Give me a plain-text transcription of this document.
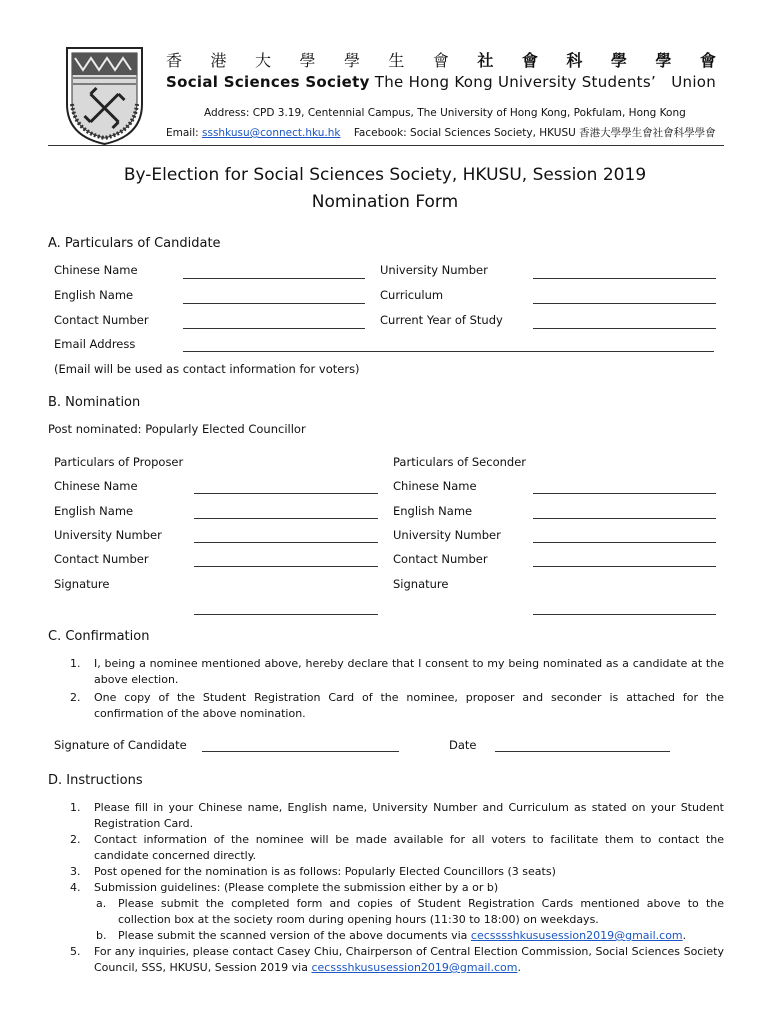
香 港 大 學 學 生 會 社 會 科 學 學 會
Social Sciences Society The Hong Kong University Students’ Union
Address: CPD 3.19, Centennial Campus, The University of Hong Kong, Pokfulam, Hong Kong
Email: ssshkusu@connect.hku.hk Facebook: Social Sciences Society, HKUSU 香港大學學生會社會科學學會
By-Election for Social Sciences Society, HKUSU, Session 2019
Nomination Form
A. Particulars of Candidate
Chinese Name	University Number
English Name	Curriculum
Contact Number	Current Year of Study
Email Address
(Email will be used as contact information for voters)
B. Nomination
Post nominated: Popularly Elected Councillor
Particulars of Proposer	Particulars of Seconder
Chinese Name	Chinese Name
English Name	English Name
University Number	University Number
Contact Number	Contact Number
Signature	Signature
C. Confirmation
1. I, being a nominee mentioned above, hereby declare that I consent to my being nominated as a candidate at the above election.
2. One copy of the Student Registration Card of the nominee, proposer and seconder is attached for the confirmation of the above nomination.
Signature of Candidate	Date
D. Instructions
1. Please fill in your Chinese name, English name, University Number and Curriculum as stated on your Student Registration Card.
2. Contact information of the nominee will be made available for all voters to facilitate them to contact the candidate concerned directly.
3. Post opened for the nomination is as follows: Popularly Elected Councillors (3 seats)
4. Submission guidelines: (Please complete the submission either by a or b)
a. Please submit the completed form and copies of Student Registration Cards mentioned above to the collection box at the society room during opening hours (11:30 to 18:00) on weekdays.
b. Please submit the scanned version of the above documents via cecsssshkususession2019@gmail.com.
5. For any inquiries, please contact Casey Chiu, Chairperson of Central Election Commission, Social Sciences Society Council, SSS, HKUSU, Session 2019 via cecssshkususession2019@gmail.com.
